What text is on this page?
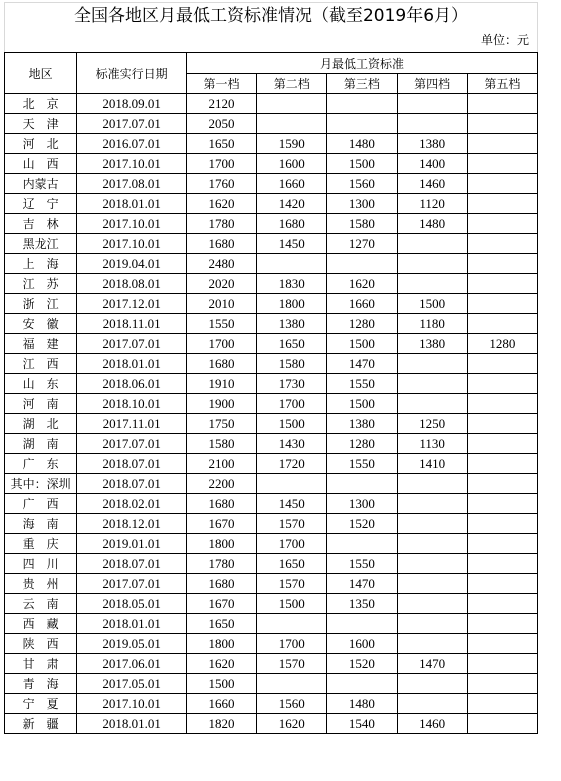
全国各地区月最低工资标准情况（截至2019年6月）
单位：元
地区	标准实行日期	月最低工资标准				
		第一档	第二档	第三档	第四档	第五档
北　京	2018.09.01	2120				
天　津	2017.07.01	2050				
河　北	2016.07.01	1650	1590	1480	1380	
山　西	2017.10.01	1700	1600	1500	1400	
内蒙古	2017.08.01	1760	1660	1560	1460	
辽　宁	2018.01.01	1620	1420	1300	1120	
吉　林	2017.10.01	1780	1680	1580	1480	
黑龙江	2017.10.01	1680	1450	1270		
上　海	2019.04.01	2480				
江　苏	2018.08.01	2020	1830	1620		
浙　江	2017.12.01	2010	1800	1660	1500	
安　徽	2018.11.01	1550	1380	1280	1180	
福　建	2017.07.01	1700	1650	1500	1380	1280
江　西	2018.01.01	1680	1580	1470		
山　东	2018.06.01	1910	1730	1550		
河　南	2018.10.01	1900	1700	1500		
湖　北	2017.11.01	1750	1500	1380	1250	
湖　南	2017.07.01	1580	1430	1280	1130	
广　东	2018.07.01	2100	1720	1550	1410	
其中：深圳	2018.07.01	2200				
广　西	2018.02.01	1680	1450	1300		
海　南	2018.12.01	1670	1570	1520		
重　庆	2019.01.01	1800	1700			
四　川	2018.07.01	1780	1650	1550		
贵　州	2017.07.01	1680	1570	1470		
云　南	2018.05.01	1670	1500	1350		
西　藏	2018.01.01	1650				
陕　西	2019.05.01	1800	1700	1600		
甘　肃	2017.06.01	1620	1570	1520	1470	
青　海	2017.05.01	1500				
宁　夏	2017.10.01	1660	1560	1480		
新　疆	2018.01.01	1820	1620	1540	1460	
